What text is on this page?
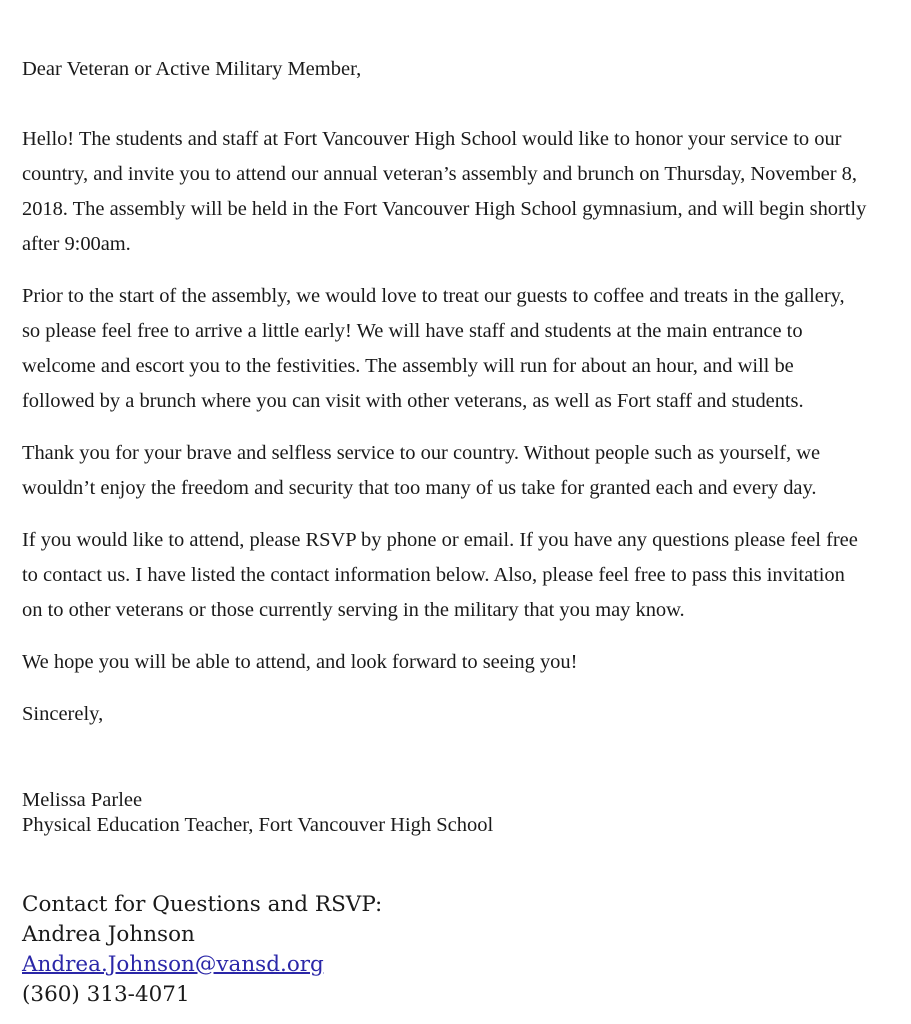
Dear Veteran or Active Military Member,

Hello! The students and staff at Fort Vancouver High School would like to honor your service to our country, and invite you to attend our annual veteran’s assembly and brunch on Thursday, November 8, 2018. The assembly will be held in the Fort Vancouver High School gymnasium, and will begin shortly after 9:00am.

Prior to the start of the assembly, we would love to treat our guests to coffee and treats in the gallery, so please feel free to arrive a little early! We will have staff and students at the main entrance to welcome and escort you to the festivities. The assembly will run for about an hour, and will be followed by a brunch where you can visit with other veterans, as well as Fort staff and students.

Thank you for your brave and selfless service to our country. Without people such as yourself, we wouldn’t enjoy the freedom and security that too many of us take for granted each and every day.

If you would like to attend, please RSVP by phone or email. If you have any questions please feel free to contact us. I have listed the contact information below. Also, please feel free to pass this invitation on to other veterans or those currently serving in the military that you may know.

We hope you will be able to attend, and look forward to seeing you!

Sincerely,

Melissa Parlee
Physical Education Teacher, Fort Vancouver High School
Contact for Questions and RSVP:
Andrea Johnson
Andrea.Johnson@vansd.org
(360) 313-4071
